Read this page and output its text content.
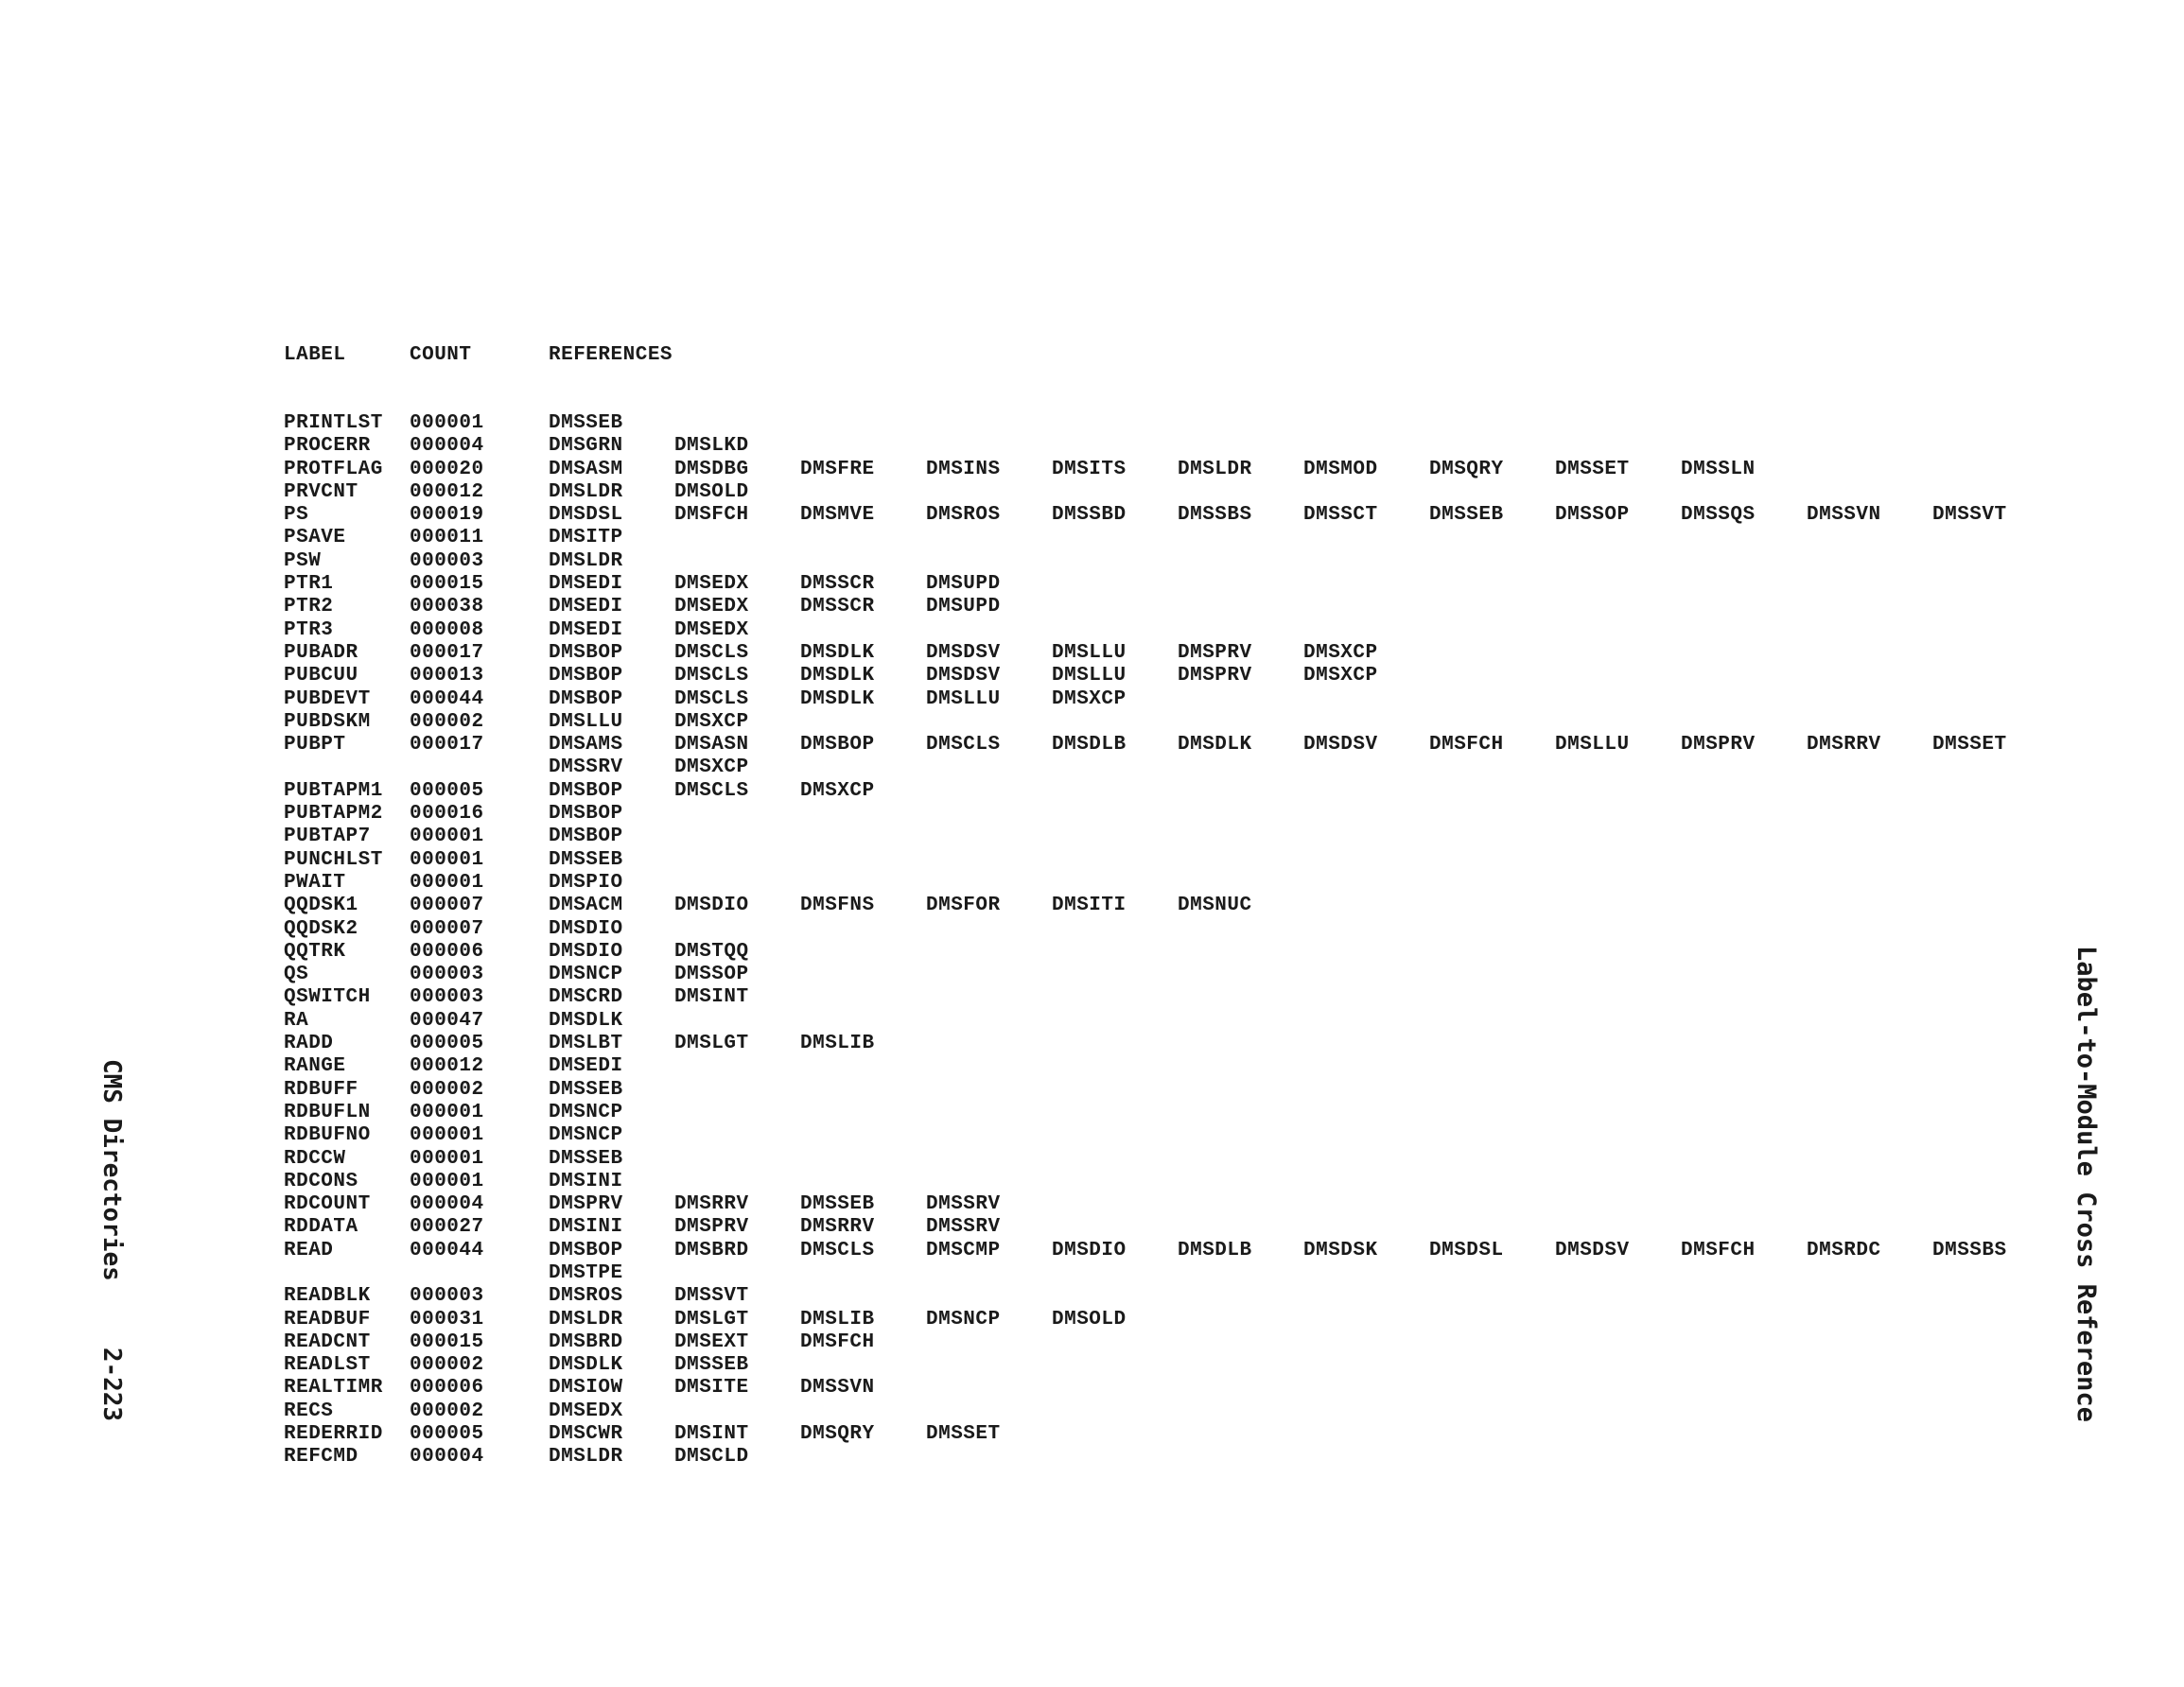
LABEL	COUNT	REFERENCES											
PRINTLST	000001	DMSSEB											
PROCERR	000004	DMSGRN	DMSLKD										
PROTFLAG	000020	DMSASM	DMSDBG	DMSFRE	DMSINS	DMSITS	DMSLDR	DMSMOD	DMSQRY	DMSSET	DMSSLN		
PRVCNT	000012	DMSLDR	DMSOLD										
PS	000019	DMSDSL	DMSFCH	DMSMVE	DMSROS	DMSSBD	DMSSBS	DMSSCT	DMSSEB	DMSSOP	DMSSQS	DMSSVN	DMSSVT
PSAVE	000011	DMSITP											
PSW	000003	DMSLDR											
PTR1	000015	DMSEDI	DMSEDX	DMSSCR	DMSUPD								
PTR2	000038	DMSEDI	DMSEDX	DMSSCR	DMSUPD								
PTR3	000008	DMSEDI	DMSEDX										
PUBADR	000017	DMSBOP	DMSCLS	DMSDLK	DMSDSV	DMSLLU	DMSPRV	DMSXCP					
PUBCUU	000013	DMSBOP	DMSCLS	DMSDLK	DMSDSV	DMSLLU	DMSPRV	DMSXCP					
PUBDEVT	000044	DMSBOP	DMSCLS	DMSDLK	DMSLLU	DMSXCP							
PUBDSKM	000002	DMSLLU	DMSXCP										
PUBPT	000017	DMSAMS	DMSASN	DMSBOP	DMSCLS	DMSDLB	DMSDLK	DMSDSV	DMSFCH	DMSLLU	DMSPRV	DMSRRV	DMSSET
		DMSSRV	DMSXCP										
PUBTAPM1	000005	DMSBOP	DMSCLS	DMSXCP									
PUBTAPM2	000016	DMSBOP											
PUBTAP7	000001	DMSBOP											
PUNCHLST	000001	DMSSEB											
PWAIT	000001	DMSPIO											
QQDSK1	000007	DMSACM	DMSDIO	DMSFNS	DMSFOR	DMSITI	DMSNUC						
QQDSK2	000007	DMSDIO											
QQTRK	000006	DMSDIO	DMSTQQ										
QS	000003	DMSNCP	DMSSOP										
QSWITCH	000003	DMSCRD	DMSINT										
RA	000047	DMSDLK											
RADD	000005	DMSLBT	DMSLGT	DMSLIB									
RANGE	000012	DMSEDI											
RDBUFF	000002	DMSSEB											
RDBUFLN	000001	DMSNCP											
RDBUFNO	000001	DMSNCP											
RDCCW	000001	DMSSEB											
RDCONS	000001	DMSINI											
RDCOUNT	000004	DMSPRV	DMSRRV	DMSSEB	DMSSRV								
RDDATA	000027	DMSINI	DMSPRV	DMSRRV	DMSSRV								
READ	000044	DMSBOP	DMSBRD	DMSCLS	DMSCMP	DMSDIO	DMSDLB	DMSDSK	DMSDSL	DMSDSV	DMSFCH	DMSRDC	DMSSBS
		DMSTPE											
READBLK	000003	DMSROS	DMSSVT										
READBUF	000031	DMSLDR	DMSLGT	DMSLIB	DMSNCP	DMSOLD							
READCNT	000015	DMSBRD	DMSEXT	DMSFCH									
READLST	000002	DMSDLK	DMSSEB										
REALTIMR	000006	DMSIOW	DMSITE	DMSSVN									
RECS	000002	DMSEDX											
REDERRID	000005	DMSCWR	DMSINT	DMSQRY	DMSSET								
REFCMD	000004	DMSLDR	DMSCLD										
CMS Directories2-223	Label-to-Module Cross Reference
